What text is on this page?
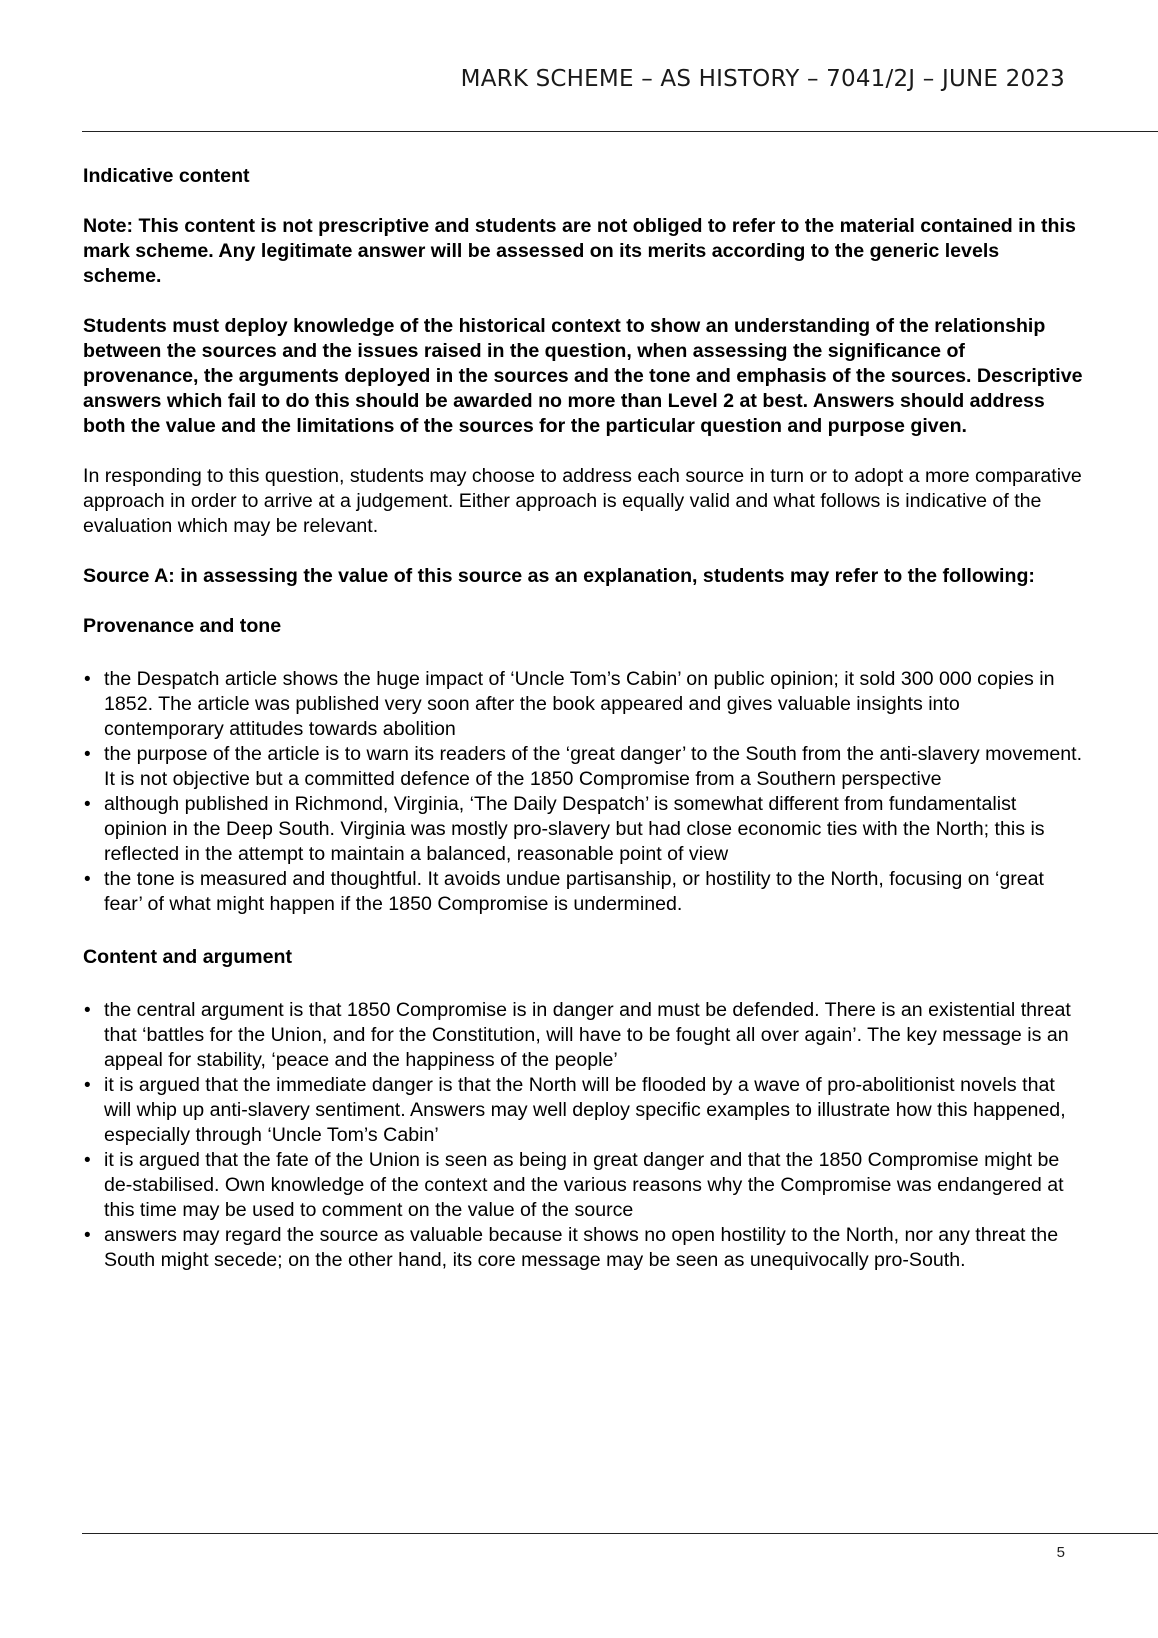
MARK SCHEME – AS HISTORY – 7041/2J – JUNE 2023

Indicative content

Note: This content is not prescriptive and students are not obliged to refer to the material contained in this mark scheme. Any legitimate answer will be assessed on its merits according to the generic levels scheme.

Students must deploy knowledge of the historical context to show an understanding of the relationship between the sources and the issues raised in the question, when assessing the significance of provenance, the arguments deployed in the sources and the tone and emphasis of the sources. Descriptive answers which fail to do this should be awarded no more than Level 2 at best. Answers should address both the value and the limitations of the sources for the particular question and purpose given.

In responding to this question, students may choose to address each source in turn or to adopt a more comparative approach in order to arrive at a judgement. Either approach is equally valid and what follows is indicative of the evaluation which may be relevant.

Source A: in assessing the value of this source as an explanation, students may refer to the following:

Provenance and tone

• the Despatch article shows the huge impact of ‘Uncle Tom’s Cabin’ on public opinion; it sold 300 000 copies in 1852. The article was published very soon after the book appeared and gives valuable insights into contemporary attitudes towards abolition
• the purpose of the article is to warn its readers of the ‘great danger’ to the South from the anti-slavery movement. It is not objective but a committed defence of the 1850 Compromise from a Southern perspective
• although published in Richmond, Virginia, ‘The Daily Despatch’ is somewhat different from fundamentalist opinion in the Deep South. Virginia was mostly pro-slavery but had close economic ties with the North; this is reflected in the attempt to maintain a balanced, reasonable point of view
• the tone is measured and thoughtful. It avoids undue partisanship, or hostility to the North, focusing on ‘great fear’ of what might happen if the 1850 Compromise is undermined.

Content and argument

• the central argument is that 1850 Compromise is in danger and must be defended. There is an existential threat that ‘battles for the Union, and for the Constitution, will have to be fought all over again’. The key message is an appeal for stability, ‘peace and the happiness of the people’
• it is argued that the immediate danger is that the North will be flooded by a wave of pro-abolitionist novels that will whip up anti-slavery sentiment. Answers may well deploy specific examples to illustrate how this happened, especially through ‘Uncle Tom’s Cabin’
• it is argued that the fate of the Union is seen as being in great danger and that the 1850 Compromise might be de-stabilised. Own knowledge of the context and the various reasons why the Compromise was endangered at this time may be used to comment on the value of the source
• answers may regard the source as valuable because it shows no open hostility to the North, nor any threat the South might secede; on the other hand, its core message may be seen as unequivocally pro-South.
5
